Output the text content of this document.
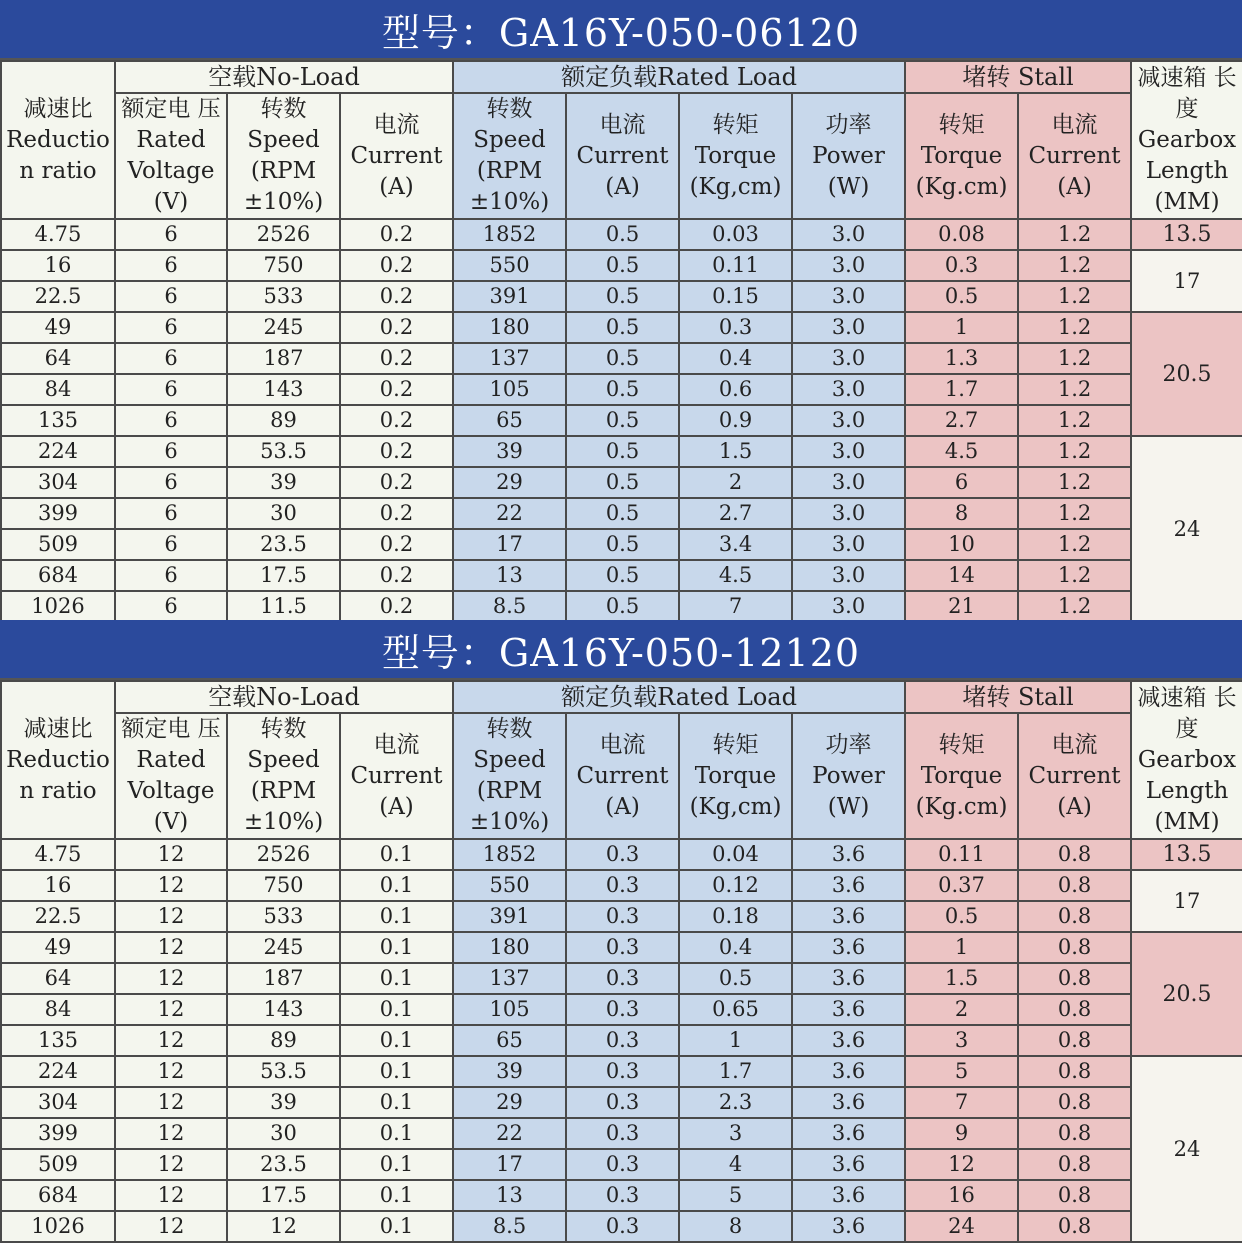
型号：GA16Y-050-06120
减速比 Reductio n ratio	空载No-Load			额定负载Rated Load				堵转 Stall		减速箱 长度 Gearbox Length (MM)
	额定电 压Rated Voltage (V)	转数 Speed (RPM ±10%)	电流 Current (A)	转数 Speed (RPM ±10%)	电流 Current (A)	转矩 Torque (Kg,cm)	功率 Power (W)	转矩 Torque (Kg.cm)	电流 Current (A)	
4.75	6	2526	0.2	1852	0.5	0.03	3.0	0.08	1.2	13.5
16	6	750	0.2	550	0.5	0.11	3.0	0.3	1.2	17
22.5	6	533	0.2	391	0.5	0.15	3.0	0.5	1.2	
49	6	245	0.2	180	0.5	0.3	3.0	1	1.2	20.5
64	6	187	0.2	137	0.5	0.4	3.0	1.3	1.2	
84	6	143	0.2	105	0.5	0.6	3.0	1.7	1.2	
135	6	89	0.2	65	0.5	0.9	3.0	2.7	1.2	
224	6	53.5	0.2	39	0.5	1.5	3.0	4.5	1.2	24
304	6	39	0.2	29	0.5	2	3.0	6	1.2	
399	6	30	0.2	22	0.5	2.7	3.0	8	1.2	
509	6	23.5	0.2	17	0.5	3.4	3.0	10	1.2	
684	6	17.5	0.2	13	0.5	4.5	3.0	14	1.2	
1026	6	11.5	0.2	8.5	0.5	7	3.0	21	1.2	
型号：GA16Y-050-12120
减速比 Reductio n ratio	空载No-Load			额定负载Rated Load				堵转 Stall		减速箱 长度 Gearbox Length (MM)
	额定电 压Rated Voltage (V)	转数 Speed (RPM ±10%)	电流 Current (A)	转数 Speed (RPM ±10%)	电流 Current (A)	转矩 Torque (Kg,cm)	功率 Power (W)	转矩 Torque (Kg.cm)	电流 Current (A)	
4.75	12	2526	0.1	1852	0.3	0.04	3.6	0.11	0.8	13.5
16	12	750	0.1	550	0.3	0.12	3.6	0.37	0.8	17
22.5	12	533	0.1	391	0.3	0.18	3.6	0.5	0.8	
49	12	245	0.1	180	0.3	0.4	3.6	1	0.8	20.5
64	12	187	0.1	137	0.3	0.5	3.6	1.5	0.8	
84	12	143	0.1	105	0.3	0.65	3.6	2	0.8	
135	12	89	0.1	65	0.3	1	3.6	3	0.8	
224	12	53.5	0.1	39	0.3	1.7	3.6	5	0.8	24
304	12	39	0.1	29	0.3	2.3	3.6	7	0.8	
399	12	30	0.1	22	0.3	3	3.6	9	0.8	
509	12	23.5	0.1	17	0.3	4	3.6	12	0.8	
684	12	17.5	0.1	13	0.3	5	3.6	16	0.8	
1026	12	12	0.1	8.5	0.3	8	3.6	24	0.8	
